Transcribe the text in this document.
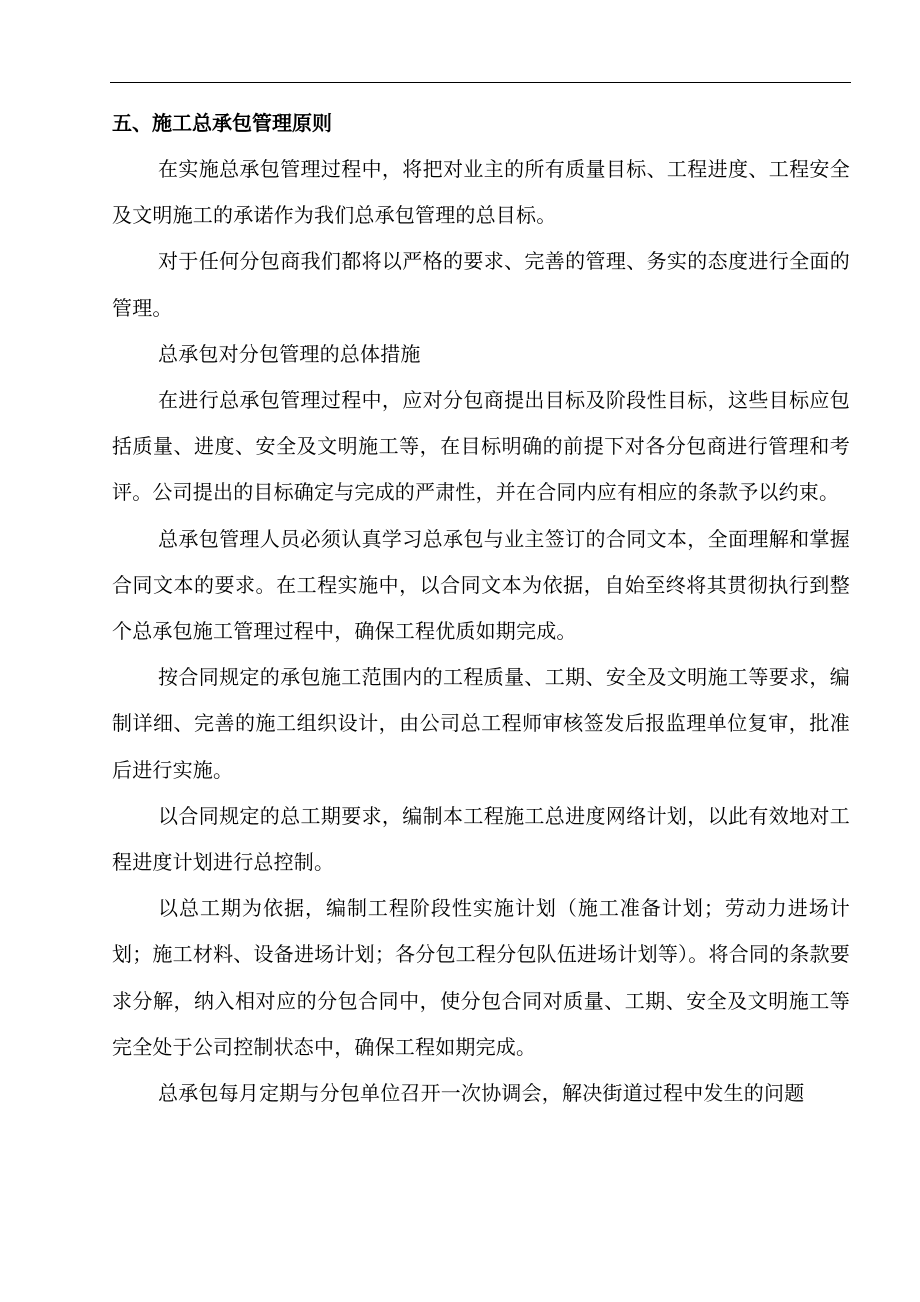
五、施工总承包管理原则

在实施总承包管理过程中，将把对业主的所有质量目标、工程进度、工程安全及文明施工的承诺作为我们总承包管理的总目标。

对于任何分包商我们都将以严格的要求、完善的管理、务实的态度进行全面的管理。

总承包对分包管理的总体措施

在进行总承包管理过程中，应对分包商提出目标及阶段性目标，这些目标应包括质量、进度、安全及文明施工等，在目标明确的前提下对各分包商进行管理和考评。公司提出的目标确定与完成的严肃性，并在合同内应有相应的条款予以约束。

总承包管理人员必须认真学习总承包与业主签订的合同文本，全面理解和掌握合同文本的要求。在工程实施中，以合同文本为依据，自始至终将其贯彻执行到整个总承包施工管理过程中，确保工程优质如期完成。

按合同规定的承包施工范围内的工程质量、工期、安全及文明施工等要求，编制详细、完善的施工组织设计，由公司总工程师审核签发后报监理单位复审，批准后进行实施。

以合同规定的总工期要求，编制本工程施工总进度网络计划，以此有效地对工程进度计划进行总控制。

以总工期为依据，编制工程阶段性实施计划（施工准备计划；劳动力进场计划；施工材料、设备进场计划；各分包工程分包队伍进场计划等）。将合同的条款要求分解，纳入相对应的分包合同中，使分包合同对质量、工期、安全及文明施工等完全处于公司控制状态中，确保工程如期完成。

总承包每月定期与分包单位召开一次协调会，解决街道过程中发生的问题
